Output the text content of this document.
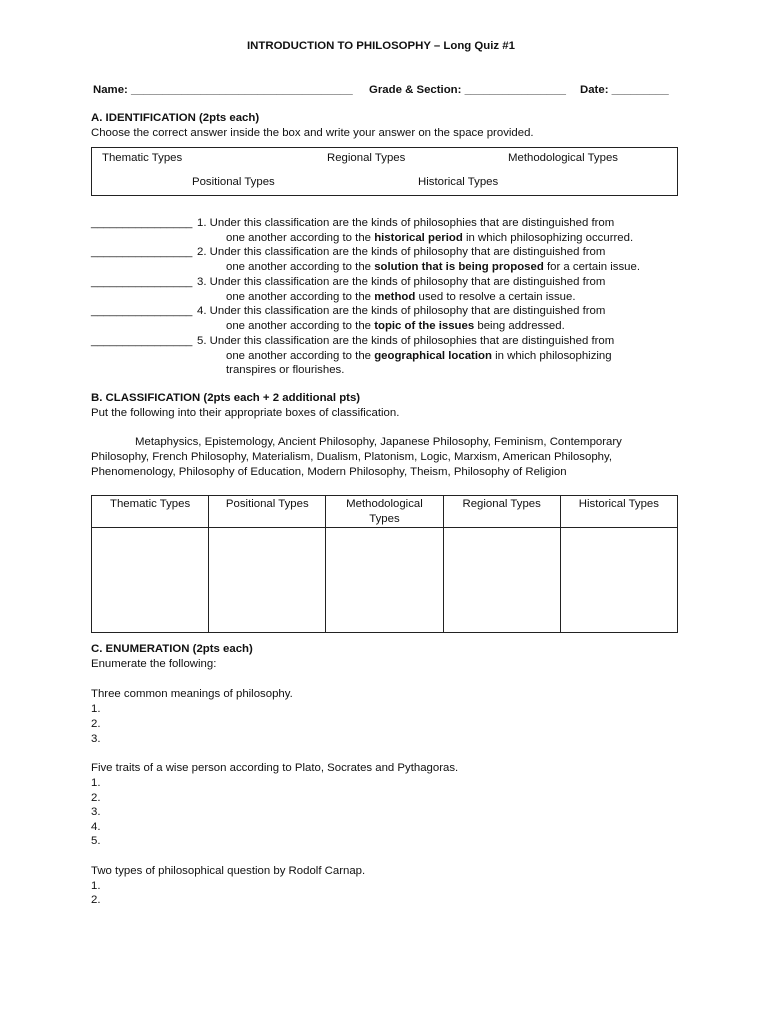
INTRODUCTION TO PHILOSOPHY – Long Quiz #1
Name: ___________________________________ Grade & Section: ________________ Date: _________
A. IDENTIFICATION (2pts each)
Choose the correct answer inside the box and write your answer on the space provided.
Thematic Types	Regional Types	Methodological Types
Positional Types	Historical Types
________________ 1. Under this classification are the kinds of philosophies that are distinguished from
one another according to the historical period in which philosophizing occurred.
________________ 2. Under this classification are the kinds of philosophy that are distinguished from
one another according to the solution that is being proposed for a certain issue.
________________ 3. Under this classification are the kinds of philosophy that are distinguished from
one another according to the method used to resolve a certain issue.
________________ 4. Under this classification are the kinds of philosophy that are distinguished from
one another according to the topic of the issues being addressed.
________________ 5. Under this classification are the kinds of philosophies that are distinguished from
one another according to the geographical location in which philosophizing
transpires or flourishes.
B. CLASSIFICATION (2pts each + 2 additional pts)
Put the following into their appropriate boxes of classification.
Metaphysics, Epistemology, Ancient Philosophy, Japanese Philosophy, Feminism, Contemporary
Philosophy, French Philosophy, Materialism, Dualism, Platonism, Logic, Marxism, American Philosophy,
Phenomenology, Philosophy of Education, Modern Philosophy, Theism, Philosophy of Religion
Thematic Types	Positional Types	Methodological Types	Regional Types	Historical Types

C. ENUMERATION (2pts each)
Enumerate the following:
Three common meanings of philosophy.
1.
2.
3.
Five traits of a wise person according to Plato, Socrates and Pythagoras.
1.
2.
3.
4.
5.
Two types of philosophical question by Rodolf Carnap.
1.
2.
